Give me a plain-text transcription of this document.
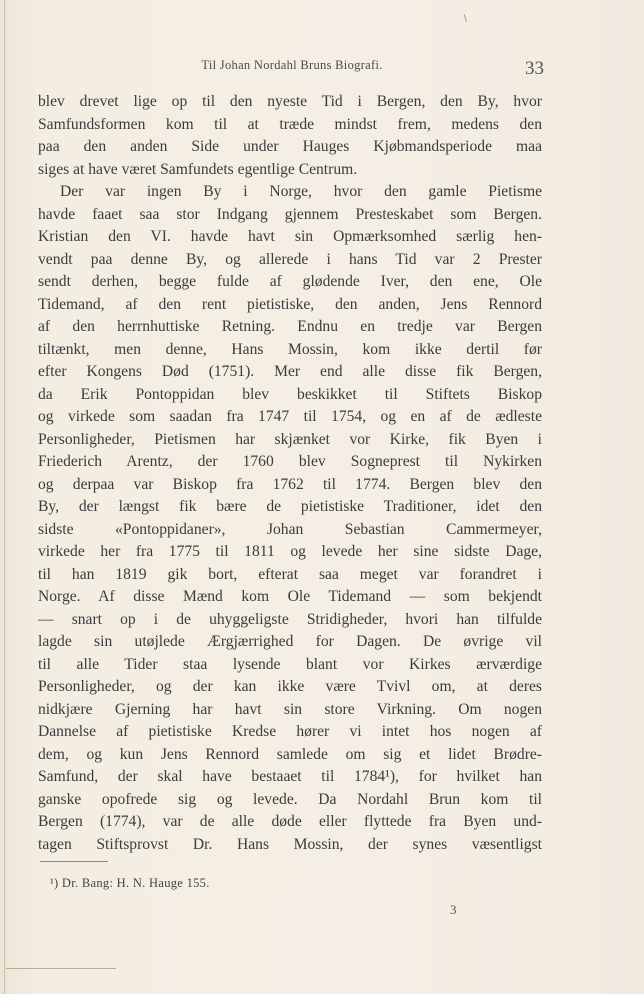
\
Til Johan Nordahl Bruns Biografi.	33
blev drevet lige op til den nyeste Tid i Bergen, den By, hvor
Samfundsformen kom til at træde mindst frem, medens den
paa den anden Side under Hauges Kjøbmandsperiode maa
siges at have været Samfundets egentlige Centrum.
Der var ingen By i Norge, hvor den gamle Pietisme
havde faaet saa stor Indgang gjennem Presteskabet som Bergen.
Kristian den VI. havde havt sin Opmærksomhed særlig hen-
vendt paa denne By, og allerede i hans Tid var 2 Prester
sendt derhen, begge fulde af glødende Iver, den ene, Ole
Tidemand, af den rent pietistiske, den anden, Jens Rennord
af den herrnhuttiske Retning. Endnu en tredje var Bergen
tiltænkt, men denne, Hans Mossin, kom ikke dertil før
efter Kongens Død (1751). Mer end alle disse fik Bergen,
da Erik Pontoppidan blev beskikket til Stiftets Biskop
og virkede som saadan fra 1747 til 1754, og en af de ædleste
Personligheder, Pietismen har skjænket vor Kirke, fik Byen i
Friederich Arentz, der 1760 blev Sogneprest til Nykirken
og derpaa var Biskop fra 1762 til 1774. Bergen blev den
By, der længst fik bære de pietistiske Traditioner, idet den
sidste «Pontoppidaner», Johan Sebastian Cammermeyer,
virkede her fra 1775 til 1811 og levede her sine sidste Dage,
til han 1819 gik bort, efterat saa meget var forandret i
Norge. Af disse Mænd kom Ole Tidemand — som bekjendt
— snart op i de uhyggeligste Stridigheder, hvori han tilfulde
lagde sin utøjlede Ærgjærrighed for Dagen. De øvrige vil
til alle Tider staa lysende blant vor Kirkes ærværdige
Personligheder, og der kan ikke være Tvivl om, at deres
nidkjære Gjerning har havt sin store Virkning. Om nogen
Dannelse af pietistiske Kredse hører vi intet hos nogen af
dem, og kun Jens Rennord samlede om sig et lidet Brødre-
Samfund, der skal have bestaaet til 1784¹), for hvilket han
ganske opofrede sig og levede. Da Nordahl Brun kom til
Bergen (1774), var de alle døde eller flyttede fra Byen und-
tagen Stiftsprovst Dr. Hans Mossin, der synes væsentligst
¹) Dr. Bang: H. N. Hauge 155.
3
